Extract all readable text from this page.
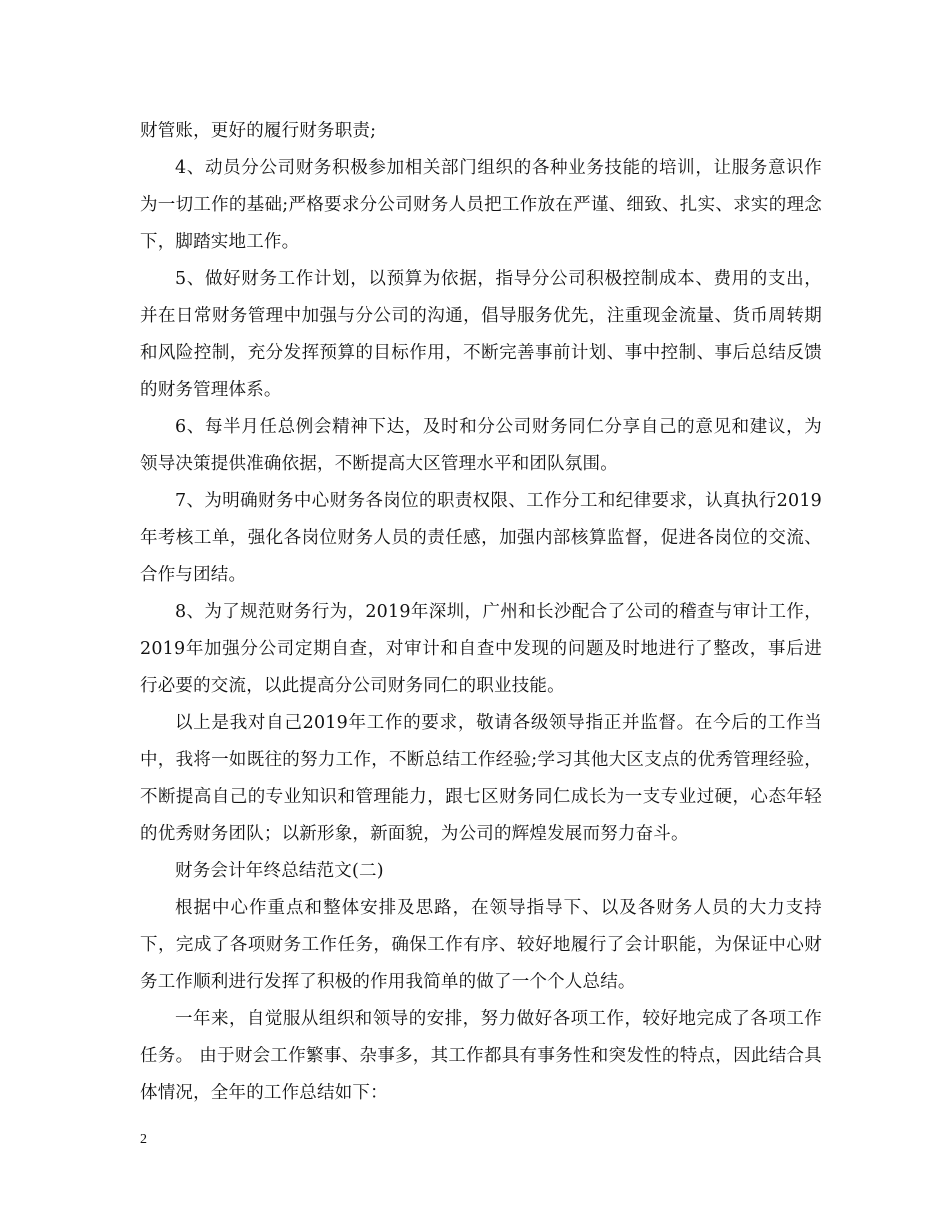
财管账，更好的履行财务职责;

4、动员分公司财务积极参加相关部门组织的各种业务技能的培训，让服务意识作为一切工作的基础;严格要求分公司财务人员把工作放在严谨、细致、扎实、求实的理念下，脚踏实地工作。

5、做好财务工作计划，以预算为依据，指导分公司积极控制成本、费用的支出，并在日常财务管理中加强与分公司的沟通，倡导服务优先，注重现金流量、货币周转期和风险控制，充分发挥预算的目标作用，不断完善事前计划、事中控制、事后总结反馈的财务管理体系。

6、每半月任总例会精神下达，及时和分公司财务同仁分享自己的意见和建议，为领导决策提供准确依据，不断提高大区管理水平和团队氛围。

7、为明确财务中心财务各岗位的职责权限、工作分工和纪律要求，认真执行2019年考核工单，强化各岗位财务人员的责任感，加强内部核算监督，促进各岗位的交流、合作与团结。

8、为了规范财务行为，2019年深圳，广州和长沙配合了公司的稽查与审计工作，2019年加强分公司定期自查，对审计和自查中发现的问题及时地进行了整改，事后进行必要的交流，以此提高分公司财务同仁的职业技能。

以上是我对自己2019年工作的要求，敬请各级领导指正并监督。在今后的工作当中，我将一如既往的努力工作，不断总结工作经验;学习其他大区支点的优秀管理经验，不断提高自己的专业知识和管理能力，跟七区财务同仁成长为一支专业过硬，心态年轻的优秀财务团队；以新形象，新面貌，为公司的辉煌发展而努力奋斗。

财务会计年终总结范文(二)

根据中心作重点和整体安排及思路，在领导指导下、以及各财务人员的大力支持下，完成了各项财务工作任务，确保工作有序、较好地履行了会计职能，为保证中心财务工作顺利进行发挥了积极的作用我简单的做了一个个人总结。

一年来，自觉服从组织和领导的安排，努力做好各项工作，较好地完成了各项工作任务。 由于财会工作繁事、杂事多，其工作都具有事务性和突发性的特点，因此结合具体情况，全年的工作总结如下：

2
